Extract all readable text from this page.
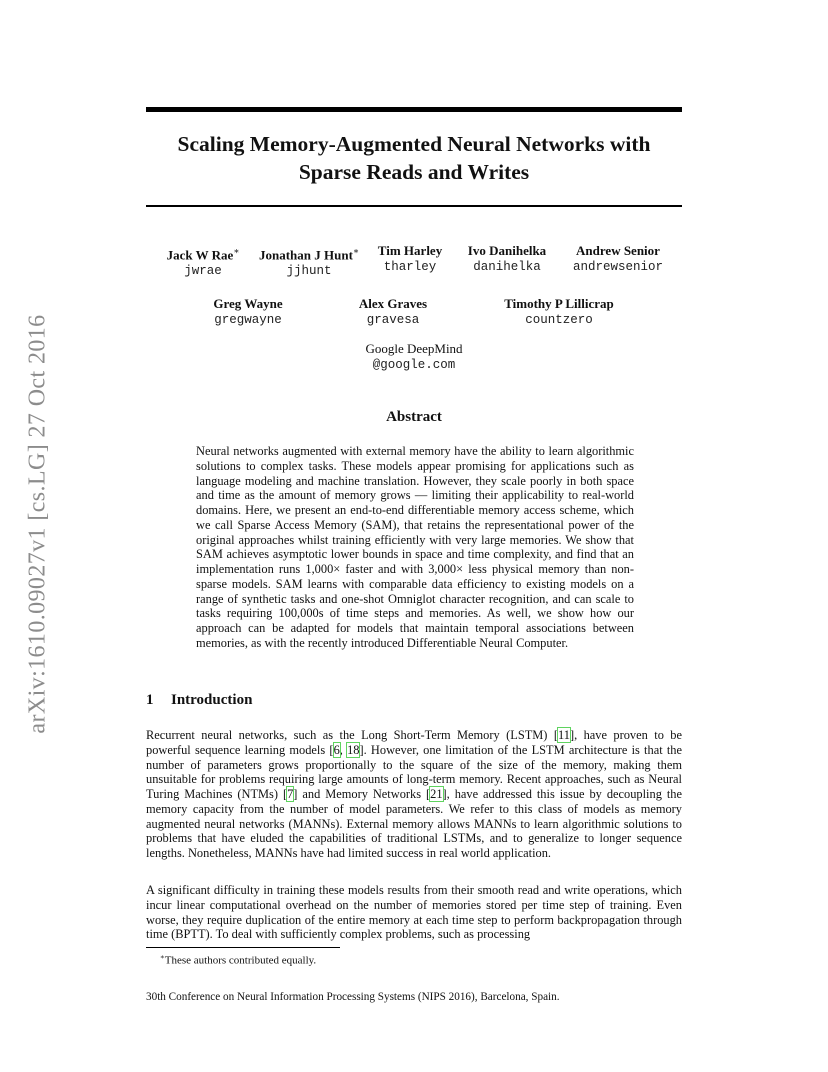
arXiv:1610.09027v1 [cs.LG] 27 Oct 2016
Scaling Memory-Augmented Neural Networks with
Sparse Reads and Writes
Jack W Rae∗
jwrae
Jonathan J Hunt∗
jjhunt
Tim Harley
tharley
Ivo Danihelka
danihelka
Andrew Senior
andrewsenior
Greg Wayne
gregwayne
Alex Graves
gravesa
Timothy P Lillicrap
countzero
Google DeepMind
@google.com
Abstract
Neural networks augmented with external memory have the ability to learn algorithmic solutions to complex tasks. These models appear promising for applications such as language modeling and machine translation. However, they scale poorly in both space and time as the amount of memory grows — limiting their applicability to real-world domains. Here, we present an end-to-end differentiable memory access scheme, which we call Sparse Access Memory (SAM), that retains the representational power of the original approaches whilst training efficiently with very large memories. We show that SAM achieves asymptotic lower bounds in space and time complexity, and find that an implementation runs 1,000× faster and with 3,000× less physical memory than non-sparse models. SAM learns with comparable data efficiency to existing models on a range of synthetic tasks and one-shot Omniglot character recognition, and can scale to tasks requiring 100,000s of time steps and memories. As well, we show how our approach can be adapted for models that maintain temporal associations between memories, as with the recently introduced Differentiable Neural Computer.
1 Introduction
Recurrent neural networks, such as the Long Short-Term Memory (LSTM) [11], have proven to be powerful sequence learning models [6, 18]. However, one limitation of the LSTM architecture is that the number of parameters grows proportionally to the square of the size of the memory, making them unsuitable for problems requiring large amounts of long-term memory. Recent approaches, such as Neural Turing Machines (NTMs) [7] and Memory Networks [21], have addressed this issue by decoupling the memory capacity from the number of model parameters. We refer to this class of models as memory augmented neural networks (MANNs). External memory allows MANNs to learn algorithmic solutions to problems that have eluded the capabilities of traditional LSTMs, and to generalize to longer sequence lengths. Nonetheless, MANNs have had limited success in real world application.
A significant difficulty in training these models results from their smooth read and write operations, which incur linear computational overhead on the number of memories stored per time step of training. Even worse, they require duplication of the entire memory at each time step to perform backpropagation through time (BPTT). To deal with sufficiently complex problems, such as processing
∗These authors contributed equally.
30th Conference on Neural Information Processing Systems (NIPS 2016), Barcelona, Spain.
